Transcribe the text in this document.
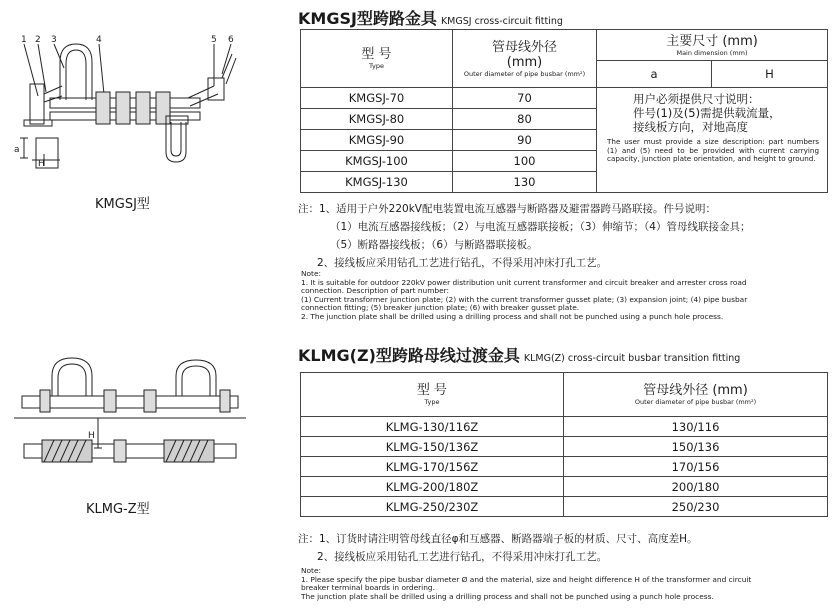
1 2 3	4	5 6
a
H
KMGSJ型
KMGSJ型跨路金具 KMGSJ cross-circuit fitting
型 号
Type	管母线外径
(mm)
Outer diameter of pipe busbar (mm²)	主要尺寸 (mm)
Main dimension (mm)	

		a	H
KMGSJ-70	70	用户必须提供尺寸说明：
件号(1)及(5)需提供载流量，
接线板方向，对地高度
The user must provide a size description: part numbers (1) and (5) need to be provided with current carrying capacity, junction plate orientation, and height to ground.	

KMGSJ-80	80		
KMGSJ-90	90		
KMGSJ-100	100		
KMGSJ-130	130		
注：1、适用于户外220kV配电装置电流互感器与断路器及避雷器跨马路联接。件号说明：
（1）电流互感器接线板；（2）与电流互感器联接板；（3）伸缩节；（4）管母线联接金具；
（5）断路器接线板；（6）与断路器联接板。
2、接线板应采用钻孔工艺进行钻孔，不得采用冲床打孔工艺。
Note:
1. It is suitable for outdoor 220kV power distribution unit current transformer and circuit breaker and arrester cross road
connection. Description of part number:
(1) Current transformer junction plate; (2) with the current transformer gusset plate; (3) expansion joint; (4) pipe busbar
connection fitting; (5) breaker junction plate; (6) with breaker gusset plate.
2. The junction plate shall be drilled using a drilling process and shall not be punched using a punch hole process.
H
KLMG-Z型
KLMG(Z)型跨路母线过渡金具 KLMG(Z) cross-circuit busbar transition fitting
型 号
Type	管母线外径 (mm)
Outer diameter of pipe busbar (mm²)

KLMG-130/116Z	130/116
KLMG-150/136Z	150/136
KLMG-170/156Z	170/156
KLMG-200/180Z	200/180
KLMG-250/230Z	250/230
注：1、订货时请注明管母线直径φ和互感器、断路器端子板的材质、尺寸、高度差H。
2、接线板应采用钻孔工艺进行钻孔，不得采用冲床打孔工艺。
Note:
1. Please specify the pipe busbar diameter Ø and the material, size and height difference H of the transformer and circuit
breaker terminal boards in ordering.
The junction plate shall be drilled using a drilling process and shall not be punched using a punch hole process.
